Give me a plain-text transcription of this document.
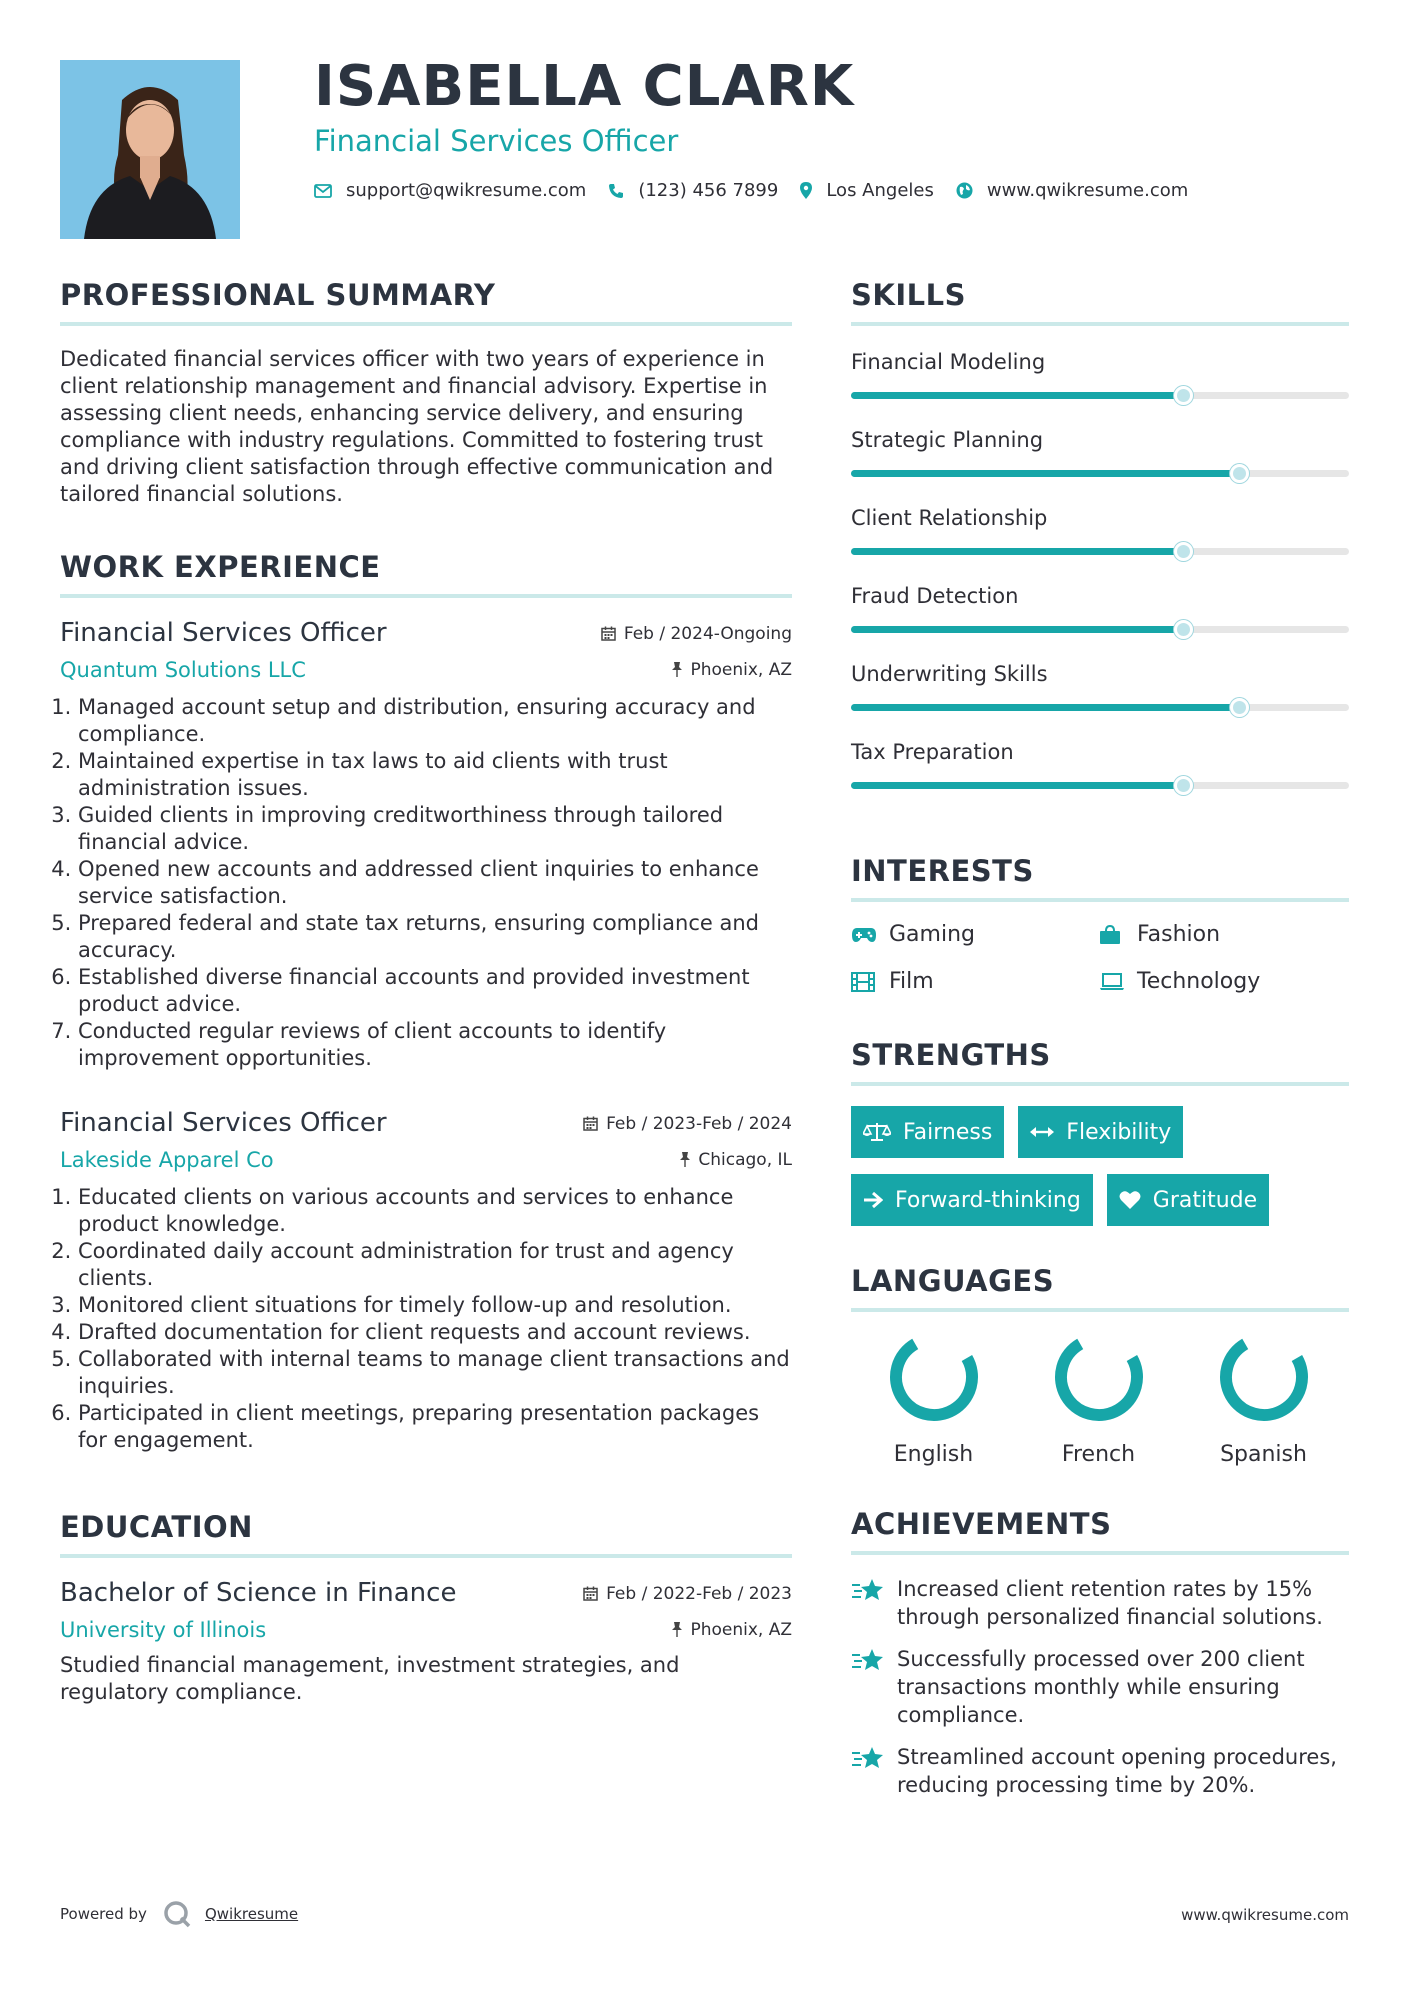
ISABELLA CLARK
Financial Services Officer
support@qwikresume.com	(123) 456 7899	Los Angeles	www.qwikresume.com
PROFESSIONAL SUMMARY

Dedicated financial services officer with two years of experience in client relationship management and financial advisory. Expertise in assessing client needs, enhancing service delivery, and ensuring compliance with industry regulations. Committed to fostering trust and driving client satisfaction through effective communication and tailored financial solutions.

WORK EXPERIENCE
Financial Services Officer	Feb / 2024-Ongoing
Quantum Solutions LLC	Phoenix, AZ
1. Managed account setup and distribution, ensuring accuracy and compliance.
2. Maintained expertise in tax laws to aid clients with trust administration issues.
3. Guided clients in improving creditworthiness through tailored financial advice.
4. Opened new accounts and addressed client inquiries to enhance service satisfaction.
5. Prepared federal and state tax returns, ensuring compliance and accuracy.
6. Established diverse financial accounts and provided investment product advice.
7. Conducted regular reviews of client accounts to identify improvement opportunities.
Financial Services Officer	Feb / 2023-Feb / 2024
Lakeside Apparel Co	Chicago, IL
1. Educated clients on various accounts and services to enhance product knowledge.
2. Coordinated daily account administration for trust and agency clients.
3. Monitored client situations for timely follow-up and resolution.
4. Drafted documentation for client requests and account reviews.
5. Collaborated with internal teams to manage client transactions and inquiries.
6. Participated in client meetings, preparing presentation packages for engagement.
EDUCATION
Bachelor of Science in Finance	Feb / 2022-Feb / 2023
University of Illinois	Phoenix, AZ

Studied financial management, investment strategies, and regulatory compliance.

SKILLS
Financial Modeling
Strategic Planning
Client Relationship
Fraud Detection
Underwriting Skills
Tax Preparation
INTERESTS
Gaming	Fashion
Film	Technology
STRENGTHS
Fairness	Flexibility
Forward-thinking	Gratitude
LANGUAGES
English	French	Spanish
ACHIEVEMENTS
Increased client retention rates by 15% through personalized financial solutions.
Successfully processed over 200 client transactions monthly while ensuring compliance.
Streamlined account opening procedures, reducing processing time by 20%.
Powered by	Qwikresume	www.qwikresume.com
